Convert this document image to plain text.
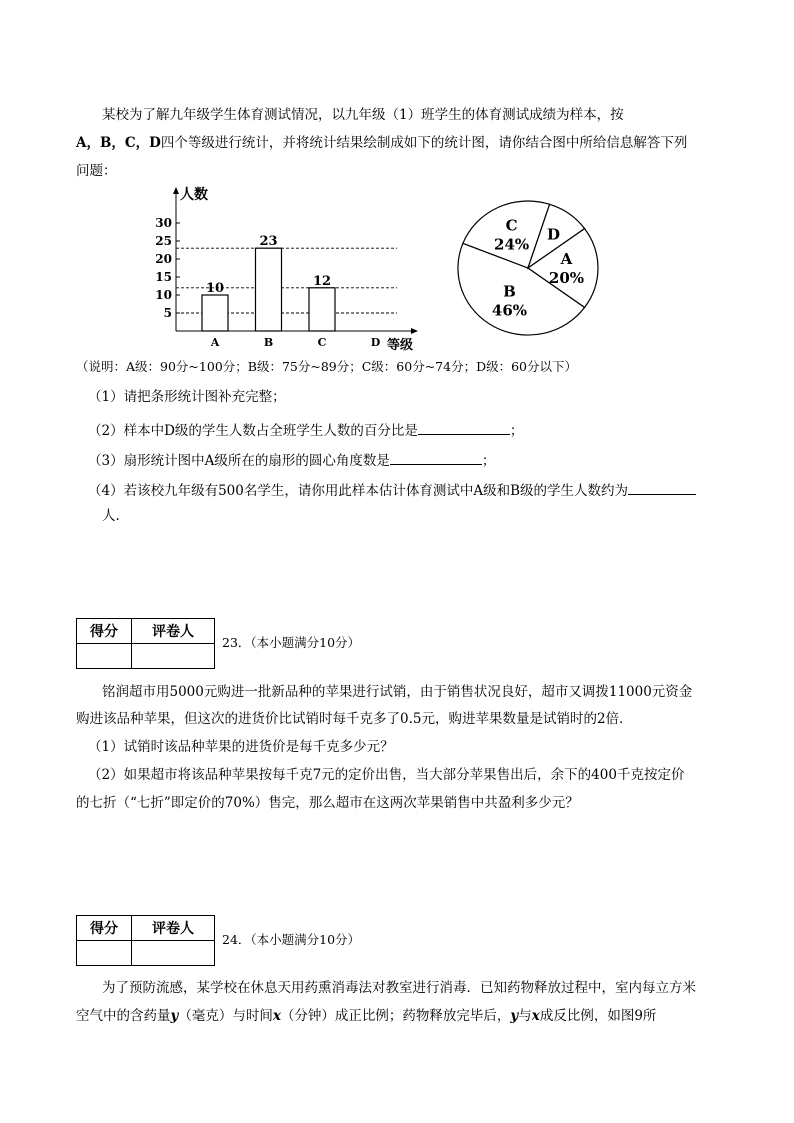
某校为了解九年级学生体育测试情况，以九年级（1）班学生的体育测试成绩为样本，按
A，B，C，D四个等级进行统计，并将统计结果绘制成如下的统计图，请你结合图中所给信息解答下列
问题：
5
10
15
20
25
30
10
23
12
A	B	C	D
人数
等级
B
46%
C
24%
D
A
20%
（说明：A级：90分~100分；B级：75分~89分；C级：60分~74分；D级：60分以下）
（1）请把条形统计图补充完整；
（2）样本中D级的学生人数占全班学生人数的百分比是	；
（3）扇形统计图中A级所在的扇形的圆心角度数是	；
（4）若该校九年级有500名学生，请你用此样本估计体育测试中A级和B级的学生人数约为
人.
得分	评卷人

23．（本小题满分10分）
铭润超市用5000元购进一批新品种的苹果进行试销，由于销售状况良好，超市又调拨11000元资金
购进该品种苹果，但这次的进货价比试销时每千克多了0.5元，购进苹果数量是试销时的2倍．
（1）试销时该品种苹果的进货价是每千克多少元？
（2）如果超市将该品种苹果按每千克7元的定价出售，当大部分苹果售出后，余下的400千克按定价
的七折（“七折”即定价的70%）售完，那么超市在这两次苹果销售中共盈利多少元？
得分	评卷人

24．（本小题满分10分）
为了预防流感，某学校在休息天用药熏消毒法对教室进行消毒．已知药物释放过程中，室内每立方米
空气中的含药量y（毫克）与时间x（分钟）成正比例；药物释放完毕后，y与x成反比例，如图9所
